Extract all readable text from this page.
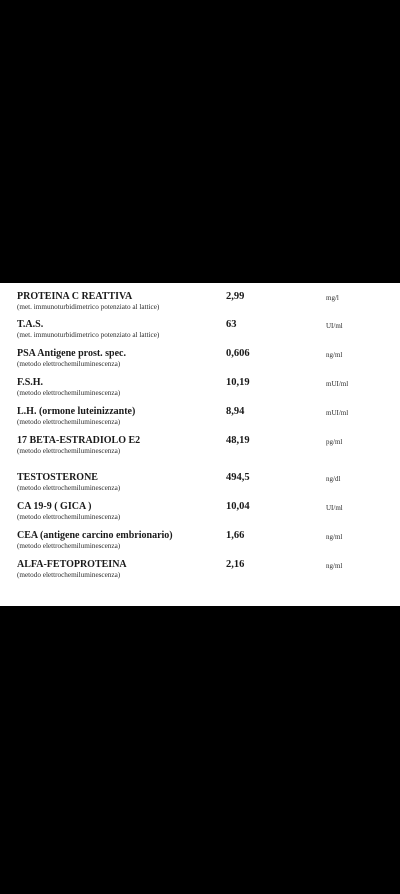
PROTEINA C REATTIVA
(met. immunoturbidimetrico potenziato al lattice)
2,99	mg/l
T.A.S.
(met. immunoturbidimetrico potenziato al lattice)
63	UI/ml
PSA Antigene prost. spec.
(metodo elettrochemiluminescenza)
0,606	ng/ml
F.S.H.
(metodo elettrochemiluminescenza)
10,19	mUI/ml
L.H. (ormone luteinizzante)
(metodo elettrochemiluminescenza)
8,94	mUI/ml
17 BETA-ESTRADIOLO E2
(metodo elettrochemiluminescenza)
48,19	pg/ml
TESTOSTERONE
(metodo elettrochemiluminescenza)
494,5	ng/dl
CA 19-9 ( GICA )
(metodo elettrochemiluminescenza)
10,04	UI/ml
CEA (antigene carcino embrionario)
(metodo elettrochemiluminescenza)
1,66	ng/ml
ALFA-FETOPROTEINA
(metodo elettrochemiluminescenza)
2,16	ng/ml
